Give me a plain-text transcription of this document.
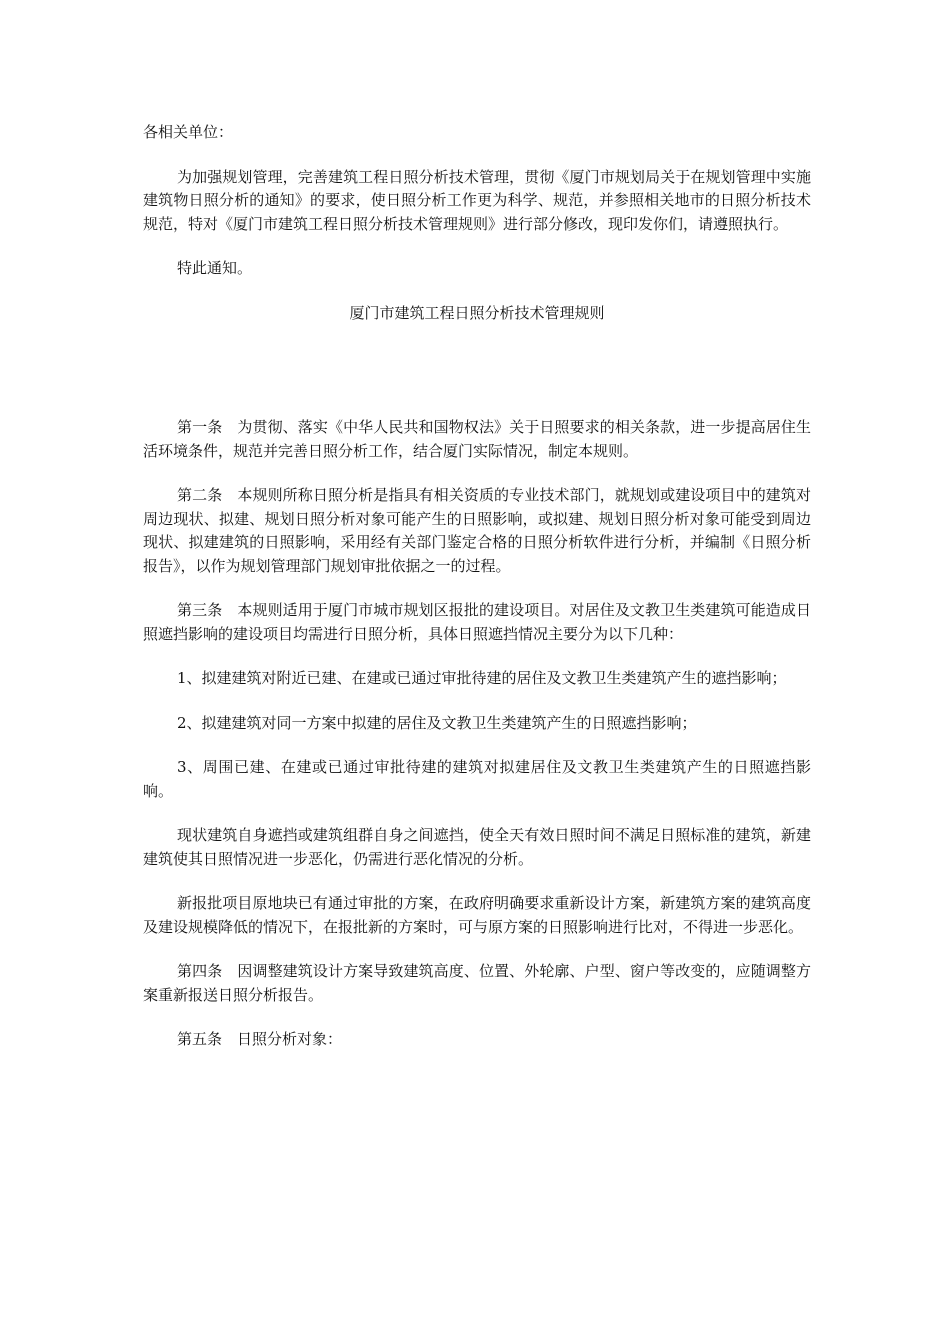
各相关单位：

为加强规划管理，完善建筑工程日照分析技术管理，贯彻《厦门市规划局关于在规划管理中实施建筑物日照分析的通知》的要求，使日照分析工作更为科学、规范，并参照相关地市的日照分析技术规范，特对《厦门市建筑工程日照分析技术管理规则》进行部分修改，现印发你们，请遵照执行。

特此通知。

厦门市建筑工程日照分析技术管理规则

第一条　为贯彻、落实《中华人民共和国物权法》关于日照要求的相关条款，进一步提高居住生活环境条件，规范并完善日照分析工作，结合厦门实际情况，制定本规则。

第二条　本规则所称日照分析是指具有相关资质的专业技术部门，就规划或建设项目中的建筑对周边现状、拟建、规划日照分析对象可能产生的日照影响，或拟建、规划日照分析对象可能受到周边现状、拟建建筑的日照影响，采用经有关部门鉴定合格的日照分析软件进行分析，并编制《日照分析报告》，以作为规划管理部门规划审批依据之一的过程。

第三条　本规则适用于厦门市城市规划区报批的建设项目。对居住及文教卫生类建筑可能造成日照遮挡影响的建设项目均需进行日照分析，具体日照遮挡情况主要分为以下几种：

1、拟建建筑对附近已建、在建或已通过审批待建的居住及文教卫生类建筑产生的遮挡影响；

2、拟建建筑对同一方案中拟建的居住及文教卫生类建筑产生的日照遮挡影响；

3、周围已建、在建或已通过审批待建的建筑对拟建居住及文教卫生类建筑产生的日照遮挡影响。

现状建筑自身遮挡或建筑组群自身之间遮挡，使全天有效日照时间不满足日照标准的建筑，新建建筑使其日照情况进一步恶化，仍需进行恶化情况的分析。

新报批项目原地块已有通过审批的方案，在政府明确要求重新设计方案，新建筑方案的建筑高度及建设规模降低的情况下，在报批新的方案时，可与原方案的日照影响进行比对，不得进一步恶化。

第四条　因调整建筑设计方案导致建筑高度、位置、外轮廓、户型、窗户等改变的，应随调整方案重新报送日照分析报告。

第五条　日照分析对象：
